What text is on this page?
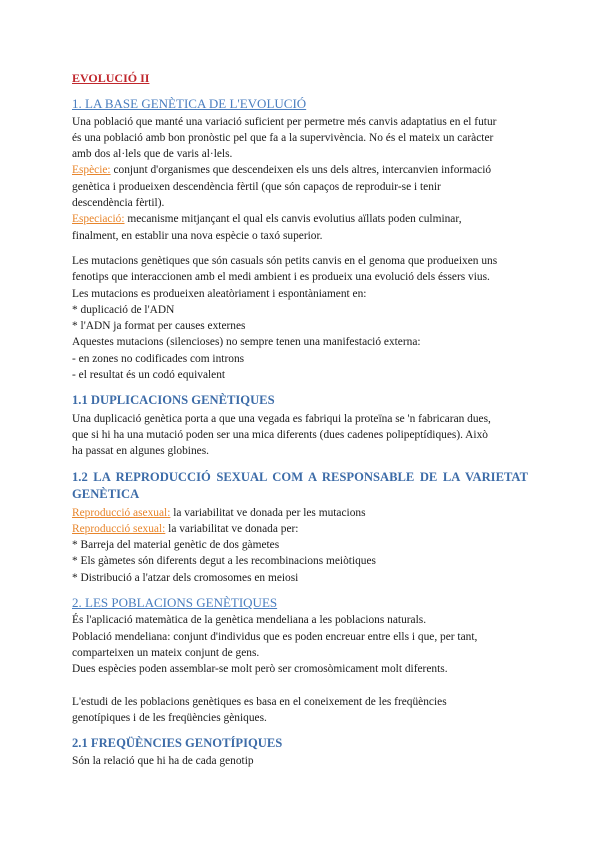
EVOLUCIÓ II

1. LA BASE GENÈTICA DE L'EVOLUCIÓ

Una població que manté una variació suficient per permetre més canvis adaptatius en el futur

és una població amb bon pronòstic pel que fa a la supervivència. No és el mateix un caràcter

amb dos al·lels que de varis al·lels.

Espècie: conjunt d'organismes que descendeixen els uns dels altres, intercanvien informació

genètica i produeixen descendència fèrtil (que són capaços de reproduir-se i tenir

descendència fèrtil).

Especiació: mecanisme mitjançant el qual els canvis evolutius aïllats poden culminar,

finalment, en establir una nova espècie o taxó superior.

Les mutacions genètiques que són casuals són petits canvis en el genoma que produeixen uns

fenotips que interaccionen amb el medi ambient i es produeix una evolució dels éssers vius.

Les mutacions es produeixen aleatòriament i espontàniament en:

* duplicació de l'ADN

* l'ADN ja format per causes externes

Aquestes mutacions (silencioses) no sempre tenen una manifestació externa:

- en zones no codificades com introns

- el resultat és un codó equivalent

1.1 DUPLICACIONS GENÈTIQUES

Una duplicació genètica porta a que una vegada es fabriqui la proteïna se 'n fabricaran dues,

que si hi ha una mutació poden ser una mica diferents (dues cadenes polipeptídiques). Això

ha passat en algunes globines.

1.2 LA REPRODUCCIÓ SEXUAL COM A RESPONSABLE DE LA VARIETAT

GENÈTICA

Reproducció asexual: la variabilitat ve donada per les mutacions

Reproducció sexual: la variabilitat ve donada per:

* Barreja del material genètic de dos gàmetes

* Els gàmetes són diferents degut a les recombinacions meiòtiques

* Distribució a l'atzar dels cromosomes en meiosi

2. LES POBLACIONS GENÈTIQUES

És l'aplicació matemàtica de la genètica mendeliana a les poblacions naturals.

Població mendeliana: conjunt d'individus que es poden encreuar entre ells i que, per tant,

comparteixen un mateix conjunt de gens.

Dues espècies poden assemblar-se molt però ser cromosòmicament molt diferents.

L'estudi de les poblacions genètiques es basa en el coneixement de les freqüències

genotípiques i de les freqüències gèniques.

2.1 FREQÜÈNCIES GENOTÍPIQUES

Són la relació que hi ha de cada genotip
